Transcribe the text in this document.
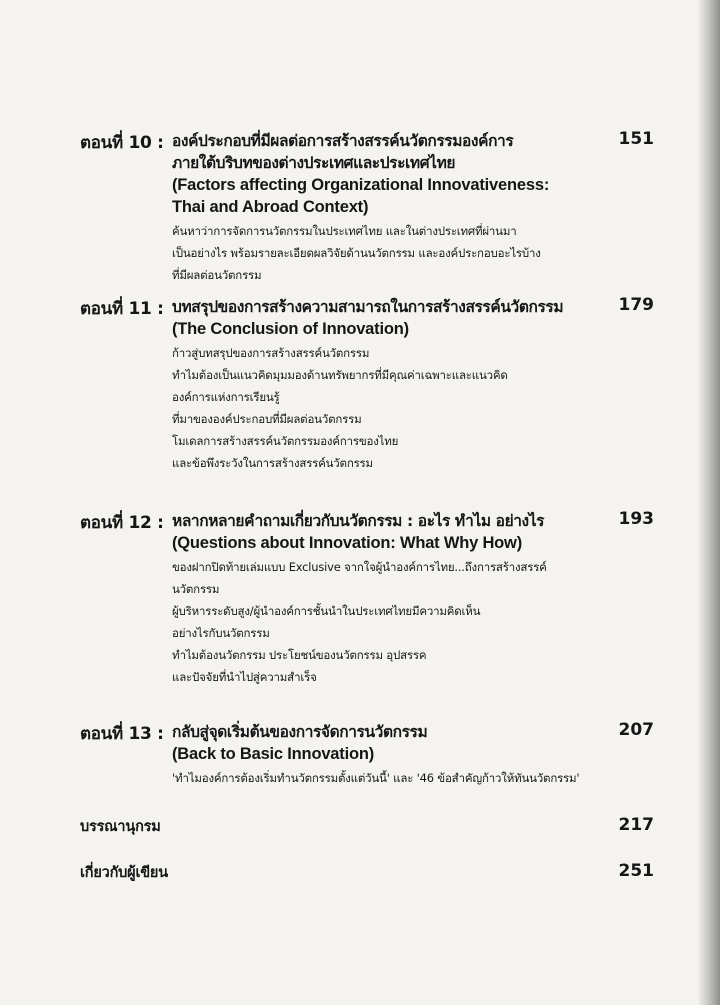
ตอนที่ 10 : องค์ประกอบที่มีผลต่อการสร้างสรรค์นวัตกรรมองค์การ
ภายใต้บริบทของต่างประเทศและประเทศไทย
(Factors affecting Organizational Innovativeness:
Thai and Abroad Context)
ค้นหาว่าการจัดการนวัตกรรมในประเทศไทย และในต่างประเทศที่ผ่านมา
เป็นอย่างไร พร้อมรายละเอียดผลวิจัยด้านนวัตกรรม และองค์ประกอบอะไรบ้าง
ที่มีผลต่อนวัตกรรม
151
ตอนที่ 11 : บทสรุปของการสร้างความสามารถในการสร้างสรรค์นวัตกรรม
(The Conclusion of Innovation)
ก้าวสู่บทสรุปของการสร้างสรรค์นวัตกรรม
ทำไมต้องเป็นแนวคิดมุมมองด้านทรัพยากรที่มีคุณค่าเฉพาะและแนวคิด
องค์การแห่งการเรียนรู้
ที่มาขององค์ประกอบที่มีผลต่อนวัตกรรม
โมเดลการสร้างสรรค์นวัตกรรมองค์การของไทย
และข้อพึงระวังในการสร้างสรรค์นวัตกรรม
179
ตอนที่ 12 : หลากหลายคำถามเกี่ยวกับนวัตกรรม : อะไร ทำไม อย่างไร
(Questions about Innovation: What Why How)
ของฝากปิดท้ายเล่มแบบ Exclusive จากใจผู้นำองค์การไทย...ถึงการสร้างสรรค์
นวัตกรรม
ผู้บริหารระดับสูง/ผู้นำองค์การชั้นนำในประเทศไทยมีความคิดเห็น
อย่างไรกับนวัตกรรม
ทำไมต้องนวัตกรรม ประโยชน์ของนวัตกรรม อุปสรรค
และปัจจัยที่นำไปสู่ความสำเร็จ
193
ตอนที่ 13 : กลับสู่จุดเริ่มต้นของการจัดการนวัตกรรม
(Back to Basic Innovation)
'ทำไมองค์การต้องเริ่มทำนวัตกรรมตั้งแต่วันนี้' และ '46 ข้อสำคัญก้าวให้ทันนวัตกรรม'
207
บรรณานุกรม	217
เกี่ยวกับผู้เขียน	251
